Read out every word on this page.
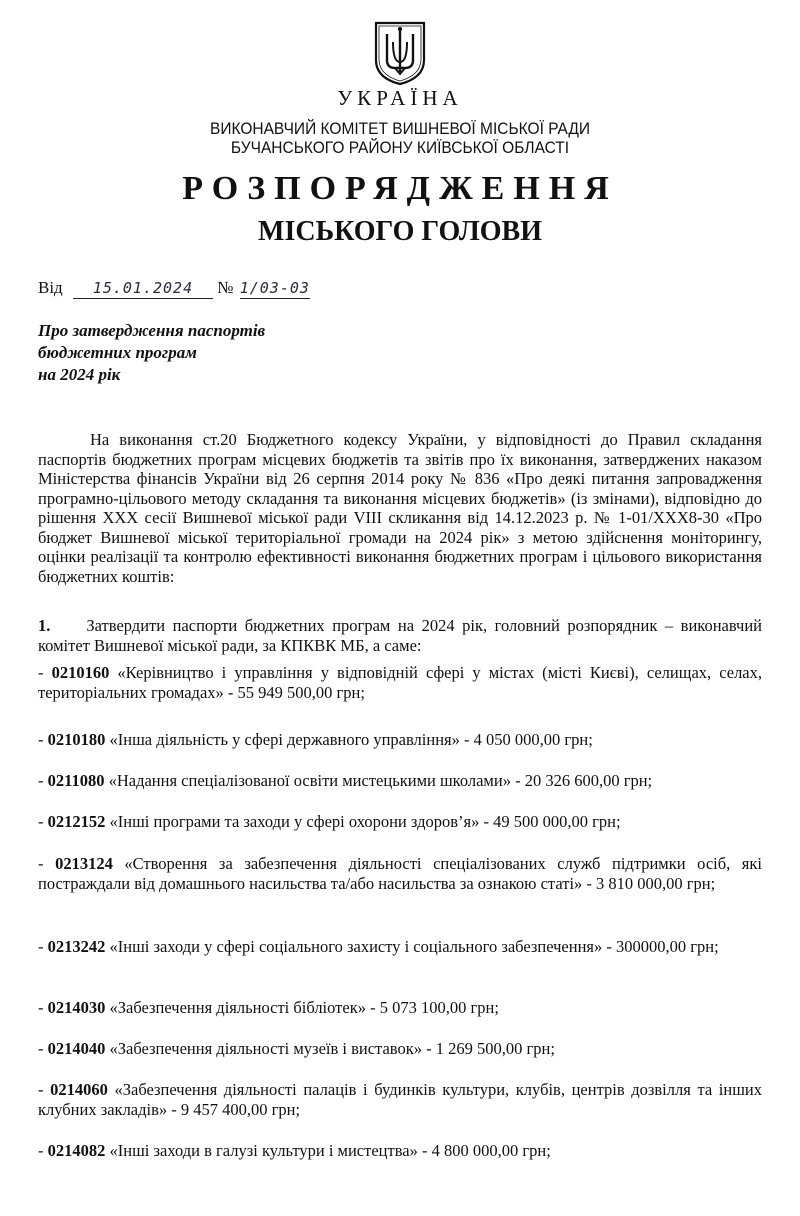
УКРАЇНА
ВИКОНАВЧИЙ КОМІТЕТ ВИШНЕВОЇ МІСЬКОЇ РАДИ
БУЧАНСЬКОГО РАЙОНУ КИЇВСЬКОЇ ОБЛАСТІ
РОЗПОРЯДЖЕННЯ
МІСЬКОГО ГОЛОВИ
Від 15.01.2024 № 1/03-03
Про затвердження паспортів
бюджетних програм
на 2024 рік
На виконання ст.20 Бюджетного кодексу України, у відповідності до Правил складання паспортів бюджетних програм місцевих бюджетів та звітів про їх виконання, затверджених наказом Міністерства фінансів України від 26 серпня 2014 року № 836 «Про деякі питання запровадження програмно-цільового методу складання та виконання місцевих бюджетів» (із змінами), відповідно до рішення ХХХ сесії Вишневої міської ради VIII скликання від 14.12.2023 р. № 1-01/ХХХ8-30 «Про бюджет Вишневої міської територіальної громади на 2024 рік» з метою здійснення моніторингу, оцінки реалізації та контролю ефективності виконання бюджетних програм і цільового використання бюджетних коштів:
1. Затвердити паспорти бюджетних програм на 2024 рік, головний розпорядник – виконавчий комітет Вишневої міської ради, за КПКВК МБ, а саме:
- 0210160 «Керівництво і управління у відповідній сфері у містах (місті Києві), селищах, селах, територіальних громадах» - 55 949 500,00 грн;
- 0210180 «Інша діяльність у сфері державного управління» - 4 050 000,00 грн;
- 0211080 «Надання спеціалізованої освіти мистецькими школами» - 20 326 600,00 грн;
- 0212152 «Інші програми та заходи у сфері охорони здоров’я» - 49 500 000,00 грн;
- 0213124 «Створення за забезпечення діяльності спеціалізованих служб підтримки осіб, які постраждали від домашнього насильства та/або насильства за ознакою статі» - 3 810 000,00 грн;
- 0213242 «Інші заходи у сфері соціального захисту і соціального забезпечення» - 300000,00 грн;
- 0214030 «Забезпечення діяльності бібліотек» - 5 073 100,00 грн;
- 0214040 «Забезпечення діяльності музеїв і виставок» - 1 269 500,00 грн;
- 0214060 «Забезпечення діяльності палаців і будинків культури, клубів, центрів дозвілля та інших клубних закладів» - 9 457 400,00 грн;
- 0214082 «Інші заходи в галузі культури і мистецтва» - 4 800 000,00 грн;
